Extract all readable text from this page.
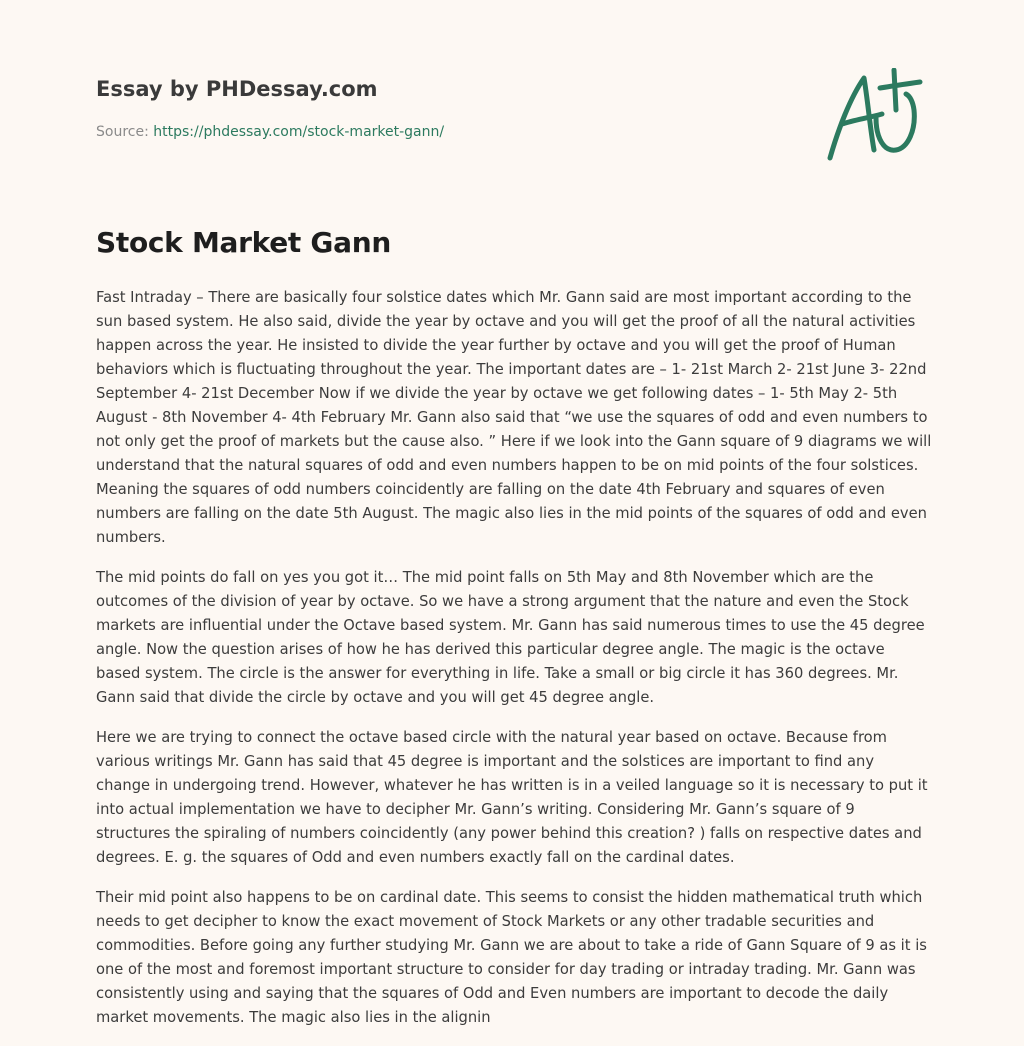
Essay by PHDessay.com
Source: https://phdessay.com/stock-market-gann/
Stock Market Gann

Fast Intraday – There are basically four solstice dates which Mr. Gann said are most important according to the sun based system. He also said, divide the year by octave and you will get the proof of all the natural activities happen across the year. He insisted to divide the year further by octave and you will get the proof of Human behaviors which is fluctuating throughout the year. The important dates are – 1- 21st March 2- 21st June 3- 22nd September 4- 21st December Now if we divide the year by octave we get following dates – 1- 5th May 2- 5th August - 8th November 4- 4th February Mr. Gann also said that “we use the squares of odd and even numbers to not only get the proof of markets but the cause also. ” Here if we look into the Gann square of 9 diagrams we will understand that the natural squares of odd and even numbers happen to be on mid points of the four solstices. Meaning the squares of odd numbers coincidently are falling on the date 4th February and squares of even numbers are falling on the date 5th August. The magic also lies in the mid points of the squares of odd and even numbers.

The mid points do fall on yes you got it… The mid point falls on 5th May and 8th November which are the outcomes of the division of year by octave. So we have a strong argument that the nature and even the Stock markets are influential under the Octave based system. Mr. Gann has said numerous times to use the 45 degree angle. Now the question arises of how he has derived this particular degree angle. The magic is the octave based system. The circle is the answer for everything in life. Take a small or big circle it has 360 degrees. Mr. Gann said that divide the circle by octave and you will get 45 degree angle.

Here we are trying to connect the octave based circle with the natural year based on octave. Because from various writings Mr. Gann has said that 45 degree is important and the solstices are important to find any change in undergoing trend. However, whatever he has written is in a veiled language so it is necessary to put it into actual implementation we have to decipher Mr. Gann’s writing. Considering Mr. Gann’s square of 9 structures the spiraling of numbers coincidently (any power behind this creation? ) falls on respective dates and degrees. E. g. the squares of Odd and even numbers exactly fall on the cardinal dates.

Their mid point also happens to be on cardinal date. This seems to consist the hidden mathematical truth which needs to get decipher to know the exact movement of Stock Markets or any other tradable securities and commodities. Before going any further studying Mr. Gann we are about to take a ride of Gann Square of 9 as it is one of the most and foremost important structure to consider for day trading or intraday trading. Mr. Gann was consistently using and saying that the squares of Odd and Even numbers are important to decode the daily market movements. The magic also lies in the alignin
